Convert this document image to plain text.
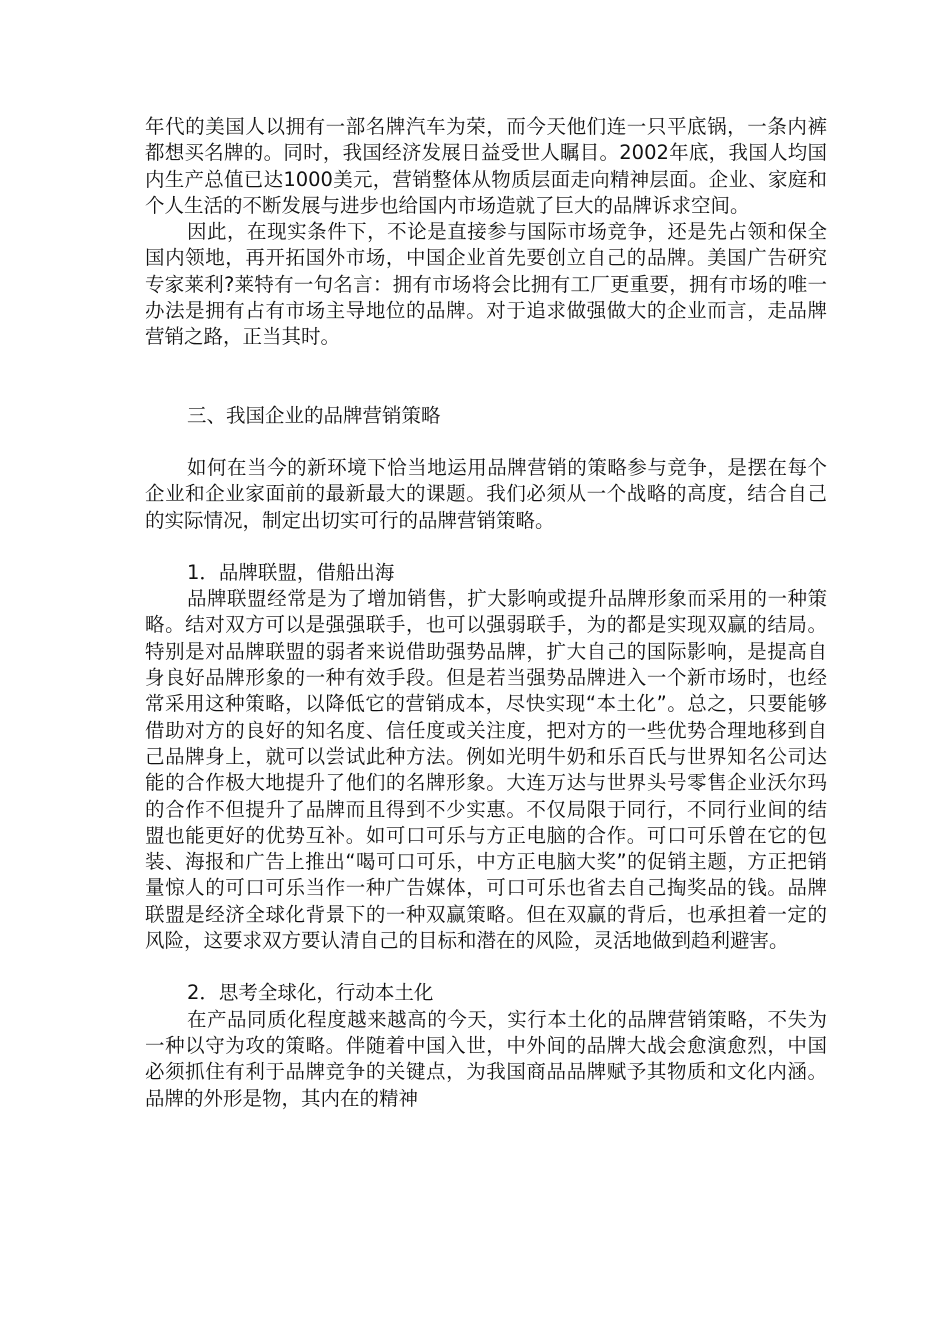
年代的美国人以拥有一部名牌汽车为荣，而今天他们连一只平底锅，一条内裤都想买名牌的。同时，我国经济发展日益受世人瞩目。2002年底，我国人均国内生产总值已达1000美元，营销整体从物质层面走向精神层面。企业、家庭和个人生活的不断发展与进步也给国内市场造就了巨大的品牌诉求空间。

因此，在现实条件下，不论是直接参与国际市场竞争，还是先占领和保全国内领地，再开拓国外市场，中国企业首先要创立自己的品牌。美国广告研究专家莱利?莱特有一句名言：拥有市场将会比拥有工厂更重要，拥有市场的唯一办法是拥有占有市场主导地位的品牌。对于追求做强做大的企业而言，走品牌营销之路，正当其时。

三、我国企业的品牌营销策略

如何在当今的新环境下恰当地运用品牌营销的策略参与竞争，是摆在每个企业和企业家面前的最新最大的课题。我们必须从一个战略的高度，结合自己的实际情况，制定出切实可行的品牌营销策略。

1．品牌联盟，借船出海

品牌联盟经常是为了增加销售，扩大影响或提升品牌形象而采用的一种策略。结对双方可以是强强联手，也可以强弱联手，为的都是实现双赢的结局。特别是对品牌联盟的弱者来说借助强势品牌，扩大自己的国际影响，是提高自身良好品牌形象的一种有效手段。但是若当强势品牌进入一个新市场时，也经常采用这种策略，以降低它的营销成本，尽快实现“本土化”。总之，只要能够借助对方的良好的知名度、信任度或关注度，把对方的一些优势合理地移到自己品牌身上，就可以尝试此种方法。例如光明牛奶和乐百氏与世界知名公司达能的合作极大地提升了他们的名牌形象。大连万达与世界头号零售企业沃尔玛的合作不但提升了品牌而且得到不少实惠。不仅局限于同行，不同行业间的结盟也能更好的优势互补。如可口可乐与方正电脑的合作。可口可乐曾在它的包装、海报和广告上推出“喝可口可乐，中方正电脑大奖”的促销主题，方正把销量惊人的可口可乐当作一种广告媒体，可口可乐也省去自己掏奖品的钱。品牌联盟是经济全球化背景下的一种双赢策略。但在双赢的背后，也承担着一定的风险，这要求双方要认清自己的目标和潜在的风险，灵活地做到趋利避害。

2．思考全球化，行动本土化

在产品同质化程度越来越高的今天，实行本土化的品牌营销策略，不失为一种以守为攻的策略。伴随着中国入世，中外间的品牌大战会愈演愈烈，中国必须抓住有利于品牌竞争的关键点，为我国商品品牌赋予其物质和文化内涵。品牌的外形是物，其内在的精神
